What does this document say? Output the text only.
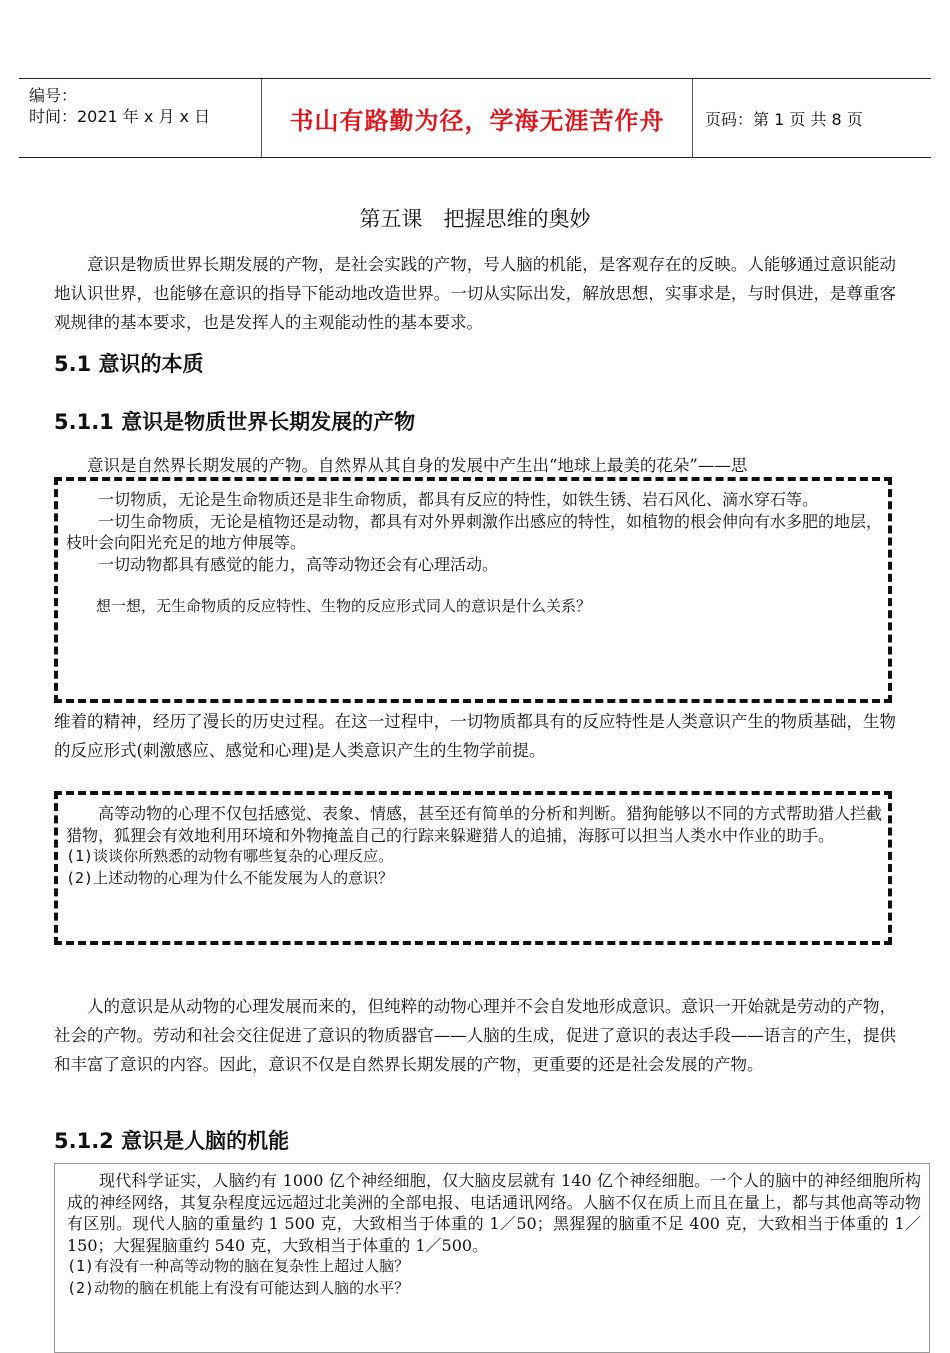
编号：
时间：2021 年 x 月 x 日	书山有路勤为径，学海无涯苦作舟	页码：第 1 页 共 8 页
第五课　把握思维的奥妙

意识是物质世界长期发展的产物，是社会实践的产物，号人脑的机能，是客观存在的反映。人能够通过意识能动地认识世界，也能够在意识的指导下能动地改造世界。一切从实际出发，解放思想，实事求是，与时俱进，是尊重客观规律的基本要求，也是发挥人的主观能动性的基本要求。

5.1 意识的本质
5.1.1 意识是物质世界长期发展的产物

意识是自然界长期发展的产物。自然界从其自身的发展中产生出“地球上最美的花朵”——思

一切物质，无论是生命物质还是非生命物质，都具有反应的特性，如铁生锈、岩石风化、滴水穿石等。

一切生命物质，无论是植物还是动物，都具有对外界刺激作出感应的特性，如植物的根会伸向有水多肥的地层，枝叶会向阳光充足的地方伸展等。

一切动物都具有感觉的能力，高等动物还会有心理活动。

想一想，无生命物质的反应特性、生物的反应形式同人的意识是什么关系？

维着的精神，经历了漫长的历史过程。在这一过程中，一切物质都具有的反应特性是人类意识产生的物质基础，生物的反应形式(刺激感应、感觉和心理)是人类意识产生的生物学前提。

高等动物的心理不仅包括感觉、表象、情感，甚至还有简单的分析和判断。猎狗能够以不同的方式帮助猎人拦截猎物，狐狸会有效地利用环境和外物掩盖自己的行踪来躲避猎人的追捕，海豚可以担当人类水中作业的助手。

(1)谈谈你所熟悉的动物有哪些复杂的心理反应。

(2)上述动物的心理为什么不能发展为人的意识？

人的意识是从动物的心理发展而来的，但纯粹的动物心理并不会自发地形成意识。意识一开始就是劳动的产物，社会的产物。劳动和社会交往促进了意识的物质器官——人脑的生成，促进了意识的表达手段——语言的产生，提供和丰富了意识的内容。因此，意识不仅是自然界长期发展的产物，更重要的还是社会发展的产物。

5.1.2 意识是人脑的机能

现代科学证实，人脑约有 1000 亿个神经细胞，仅大脑皮层就有 140 亿个神经细胞。一个人的脑中的神经细胞所构成的神经网络，其复杂程度远远超过北美洲的全部电报、电话通讯网络。人脑不仅在质上而且在量上，都与其他高等动物有区别。现代人脑的重量约 1 500 克，大致相当于体重的 1／50；黑猩猩的脑重不足 400 克，大致相当于体重的 1／150；大猩猩脑重约 540 克，大致相当于体重的 1／500。

(1)有没有一种高等动物的脑在复杂性上超过人脑？

(2)动物的脑在机能上有没有可能达到人脑的水平？
